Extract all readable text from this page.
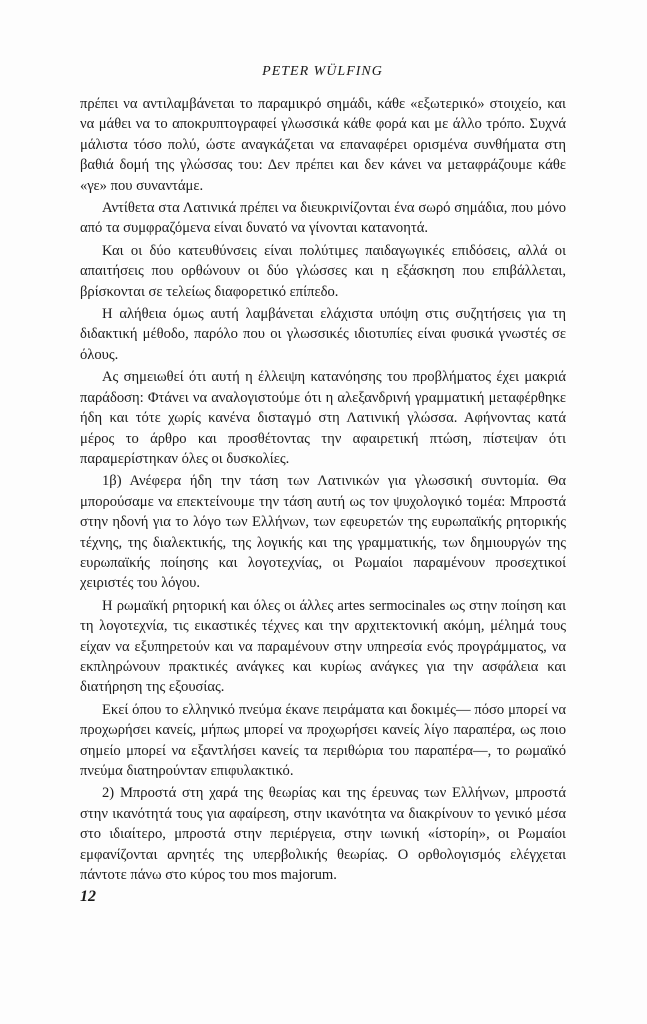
PETER WÜLFING

πρέπει να αντιλαμβάνεται το παραμικρό σημάδι, κάθε «εξωτερικό» στοιχείο, και να μάθει να το αποκρυπτογραφεί γλωσσικά κάθε φορά και με άλλο τρόπο. Συχνά μάλιστα τόσο πολύ, ώστε αναγκάζεται να επαναφέρει ορισμένα συνθήματα στη βαθιά δομή της γλώσσας του: Δεν πρέπει και δεν κάνει να μεταφράζουμε κάθε «γε» που συναντάμε.

Αντίθετα στα Λατινικά πρέπει να διευκρινίζονται ένα σωρό σημάδια, που μόνο από τα συμφραζόμενα είναι δυνατό να γίνονται κατανοητά.

Και οι δύο κατευθύνσεις είναι πολύτιμες παιδαγωγικές επιδόσεις, αλλά οι απαιτήσεις που ορθώνουν οι δύο γλώσσες και η εξάσκηση που επιβάλλεται, βρίσκονται σε τελείως διαφορετικό επίπεδο.

Η αλήθεια όμως αυτή λαμβάνεται ελάχιστα υπόψη στις συζητήσεις για τη διδακτική μέθοδο, παρόλο που οι γλωσσικές ιδιοτυπίες είναι φυσικά γνωστές σε όλους.

Ας σημειωθεί ότι αυτή η έλλειψη κατανόησης του προβλήματος έχει μακριά παράδοση: Φτάνει να αναλογιστούμε ότι η αλεξανδρινή γραμματική μεταφέρθηκε ήδη και τότε χωρίς κανένα δισταγμό στη Λατινική γλώσσα. Αφήνοντας κατά μέρος το άρθρο και προσθέτοντας την αφαιρετική πτώση, πίστεψαν ότι παραμερίστηκαν όλες οι δυσκολίες.

1β) Ανέφερα ήδη την τάση των Λατινικών για γλωσσική συντομία. Θα μπορούσαμε να επεκτείνουμε την τάση αυτή ως τον ψυχολογικό τομέα: Μπροστά στην ηδονή για το λόγο των Ελλήνων, των εφευρετών της ευρωπαϊκής ρητορικής τέχνης, της διαλεκτικής, της λογικής και της γραμματικής, των δημιουργών της ευρωπαϊκής ποίησης και λογοτεχνίας, οι Ρωμαίοι παραμένουν προσεχτικοί χειριστές του λόγου.

Η ρωμαϊκή ρητορική και όλες οι άλλες artes sermocinales ως στην ποίηση και τη λογοτεχνία, τις εικαστικές τέχνες και την αρχιτεκτονική ακόμη, μέλημά τους είχαν να εξυπηρετούν και να παραμένουν στην υπηρεσία ενός προγράμματος, να εκπληρώνουν πρακτικές ανάγκες και κυρίως ανάγκες για την ασφάλεια και διατήρηση της εξουσίας.

Εκεί όπου το ελληνικό πνεύμα έκανε πειράματα και δοκιμές— πόσο μπορεί να προχωρήσει κανείς, μήπως μπορεί να προχωρήσει κανείς λίγο παραπέρα, ως ποιο σημείο μπορεί να εξαντλήσει κανείς τα περιθώρια του παραπέρα—, το ρωμαϊκό πνεύμα διατηρούνταν επιφυλακτικό.

2) Μπροστά στη χαρά της θεωρίας και της έρευνας των Ελλήνων, μπροστά στην ικανότητά τους για αφαίρεση, στην ικανότητα να διακρίνουν το γενικό μέσα στο ιδιαίτερο, μπροστά στην περιέργεια, στην ιωνική «ίστορίη», οι Ρωμαίοι εμφανίζονται αρνητές της υπερβολικής θεωρίας. Ο ορθολογισμός ελέγχεται πάντοτε πάνω στο κύρος του mos majorum.

12
